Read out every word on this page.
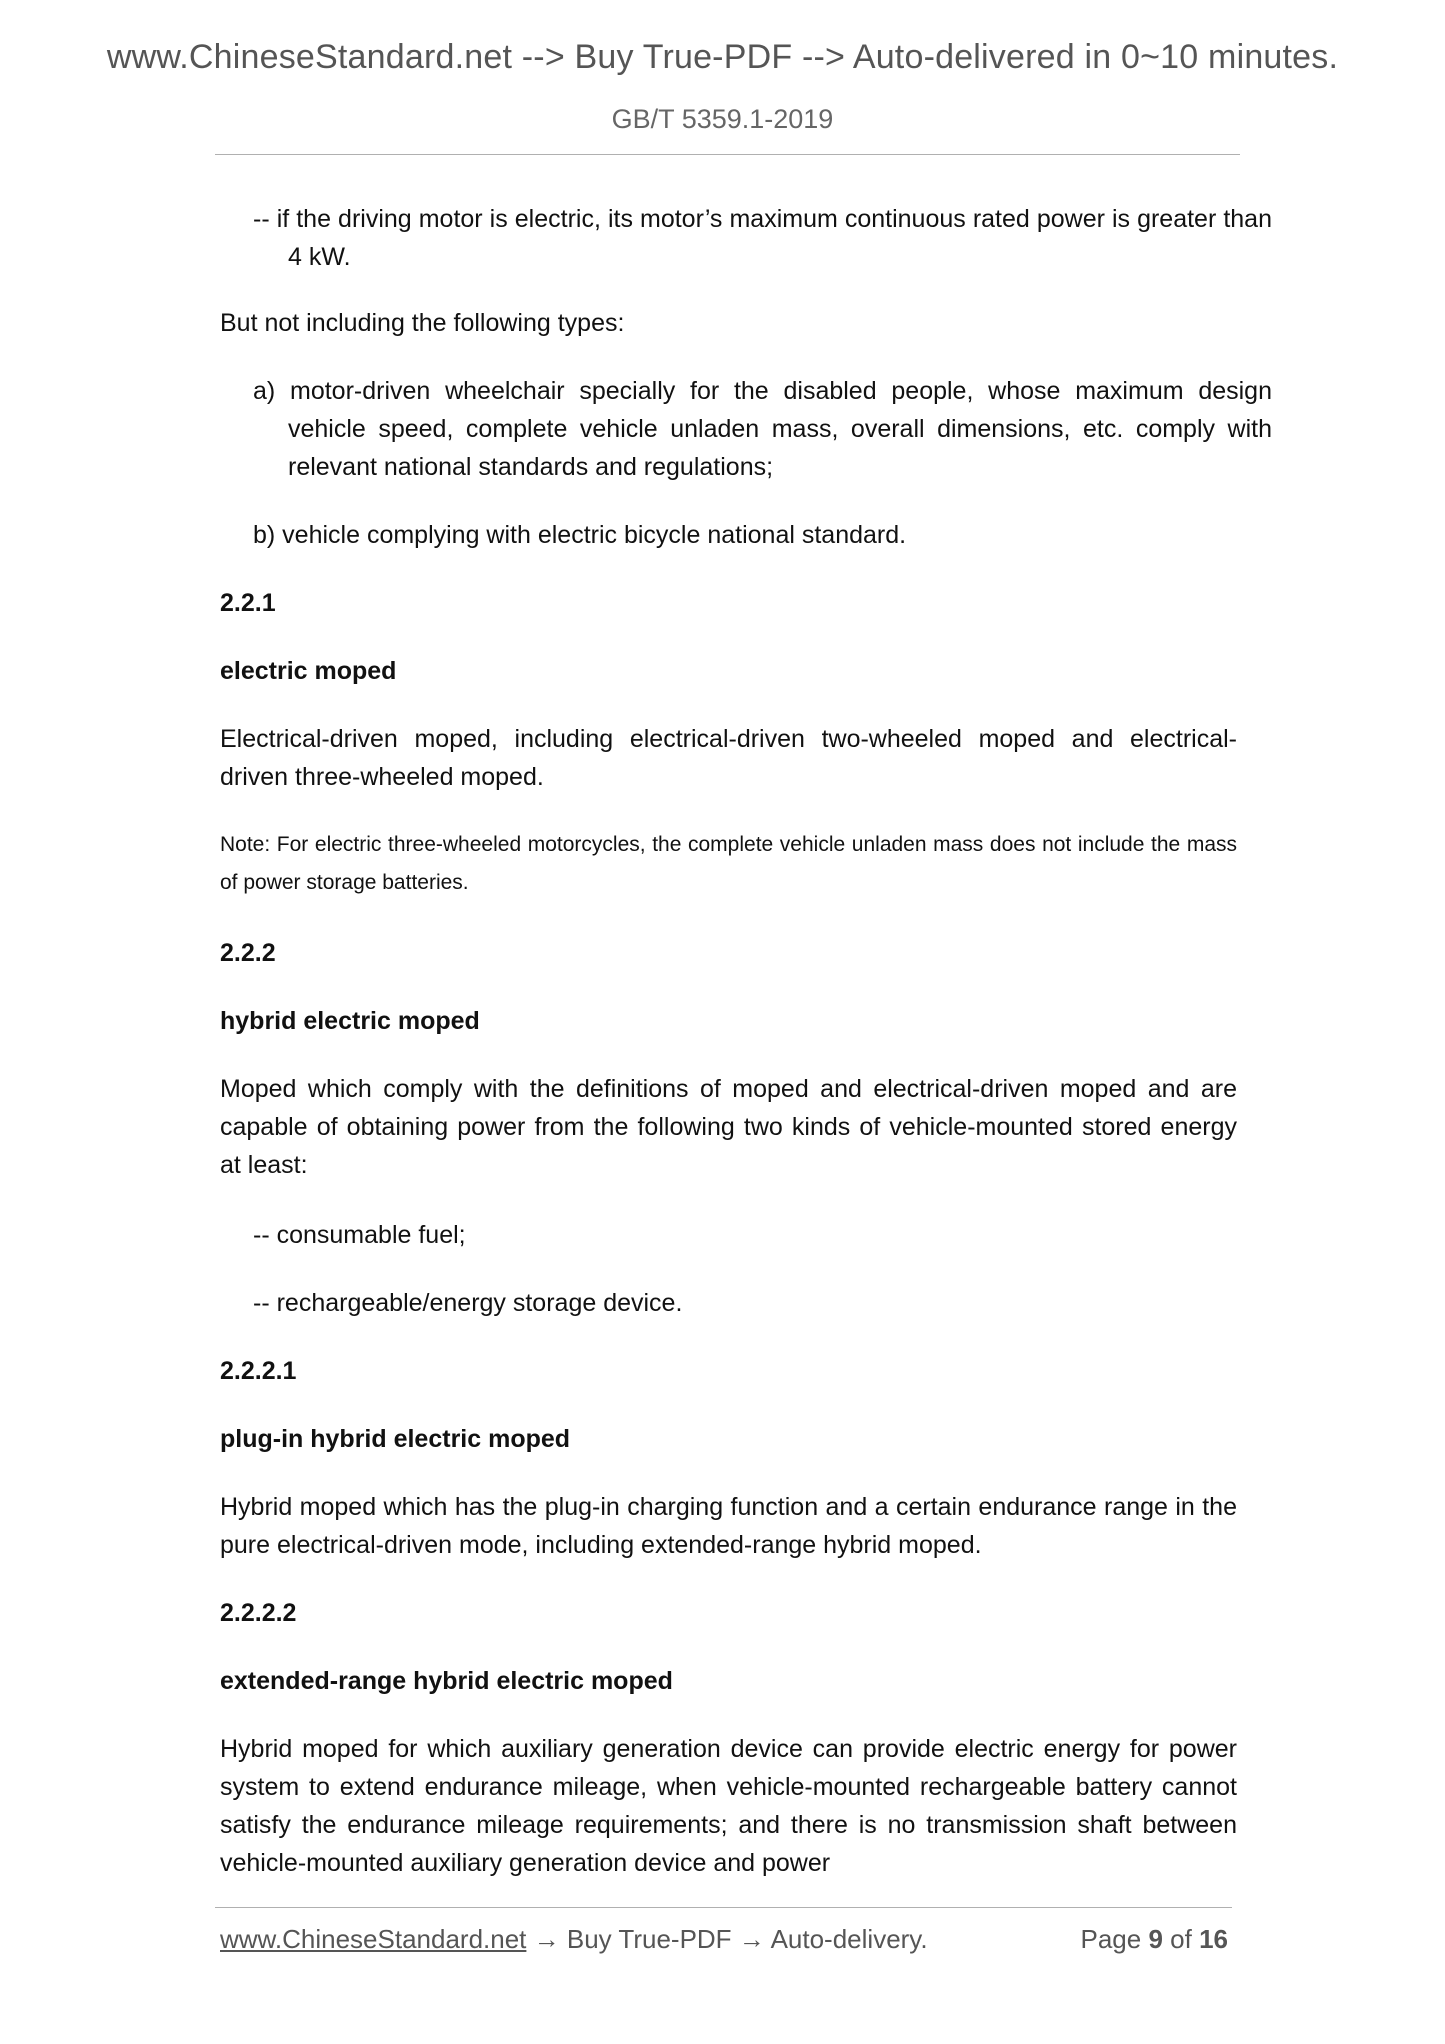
www.ChineseStandard.net --> Buy True-PDF --> Auto-delivered in 0~10 minutes.
GB/T 5359.1-2019

-- if the driving motor is electric, its motor’s maximum continuous rated power is greater than 4 kW.

But not including the following types:

a) motor-driven wheelchair specially for the disabled people, whose maximum design vehicle speed, complete vehicle unladen mass, overall dimensions, etc. comply with relevant national standards and regulations;

b) vehicle complying with electric bicycle national standard.

2.2.1

electric moped

Electrical-driven moped, including electrical-driven two-wheeled moped and electrical-driven three-wheeled moped.

Note: For electric three-wheeled motorcycles, the complete vehicle unladen mass does not include the mass of power storage batteries.

2.2.2

hybrid electric moped

Moped which comply with the definitions of moped and electrical-driven moped and are capable of obtaining power from the following two kinds of vehicle-mounted stored energy at least:

-- consumable fuel;

-- rechargeable/energy storage device.

2.2.2.1

plug-in hybrid electric moped

Hybrid moped which has the plug-in charging function and a certain endurance range in the pure electrical-driven mode, including extended-range hybrid moped.

2.2.2.2

extended-range hybrid electric moped

Hybrid moped for which auxiliary generation device can provide electric energy for power system to extend endurance mileage, when vehicle-mounted rechargeable battery cannot satisfy the endurance mileage requirements; and there is no transmission shaft between vehicle-mounted auxiliary generation device and power

www.ChineseStandard.net → Buy True-PDF → Auto-delivery.	Page 9 of 16
